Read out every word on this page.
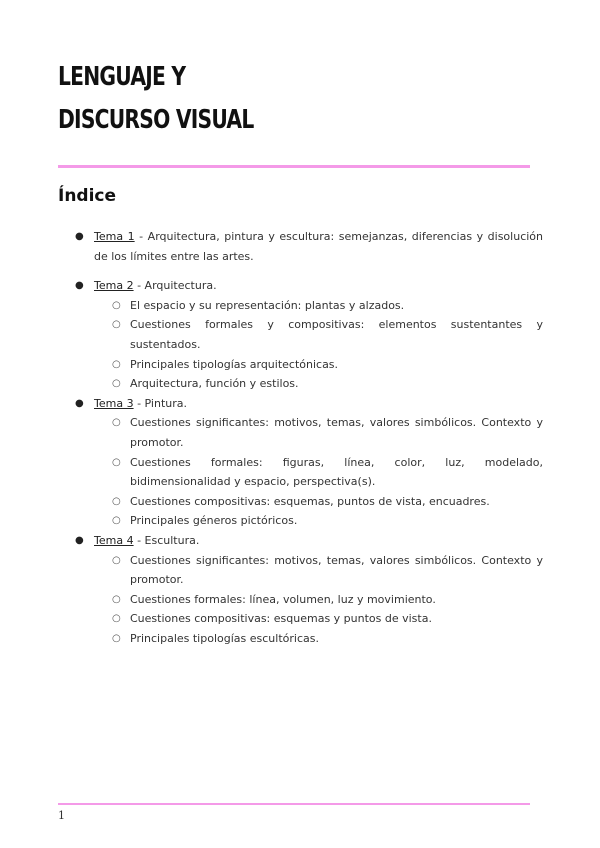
LENGUAJE Y
DISCURSO VISUAL
Índice
● Tema 1 - Arquitectura, pintura y escultura: semejanzas, diferencias y disolución de los límites entre las artes.
● Tema 2 - Arquitectura.
○ El espacio y su representación: plantas y alzados.
○ Cuestiones formales y compositivas: elementos sustentantes y sustentados.
○ Principales tipologías arquitectónicas.
○ Arquitectura, función y estilos.
● Tema 3 - Pintura.
○ Cuestiones significantes: motivos, temas, valores simbólicos. Contexto y promotor.
○ Cuestiones formales: figuras, línea, color, luz, modelado, bidimensionalidad y espacio, perspectiva(s).
○ Cuestiones compositivas: esquemas, puntos de vista, encuadres.
○ Principales géneros pictóricos.
● Tema 4 - Escultura.
○ Cuestiones significantes: motivos, temas, valores simbólicos. Contexto y promotor.
○ Cuestiones formales: línea, volumen, luz y movimiento.
○ Cuestiones compositivas: esquemas y puntos de vista.
○ Principales tipologías escultóricas.
1
